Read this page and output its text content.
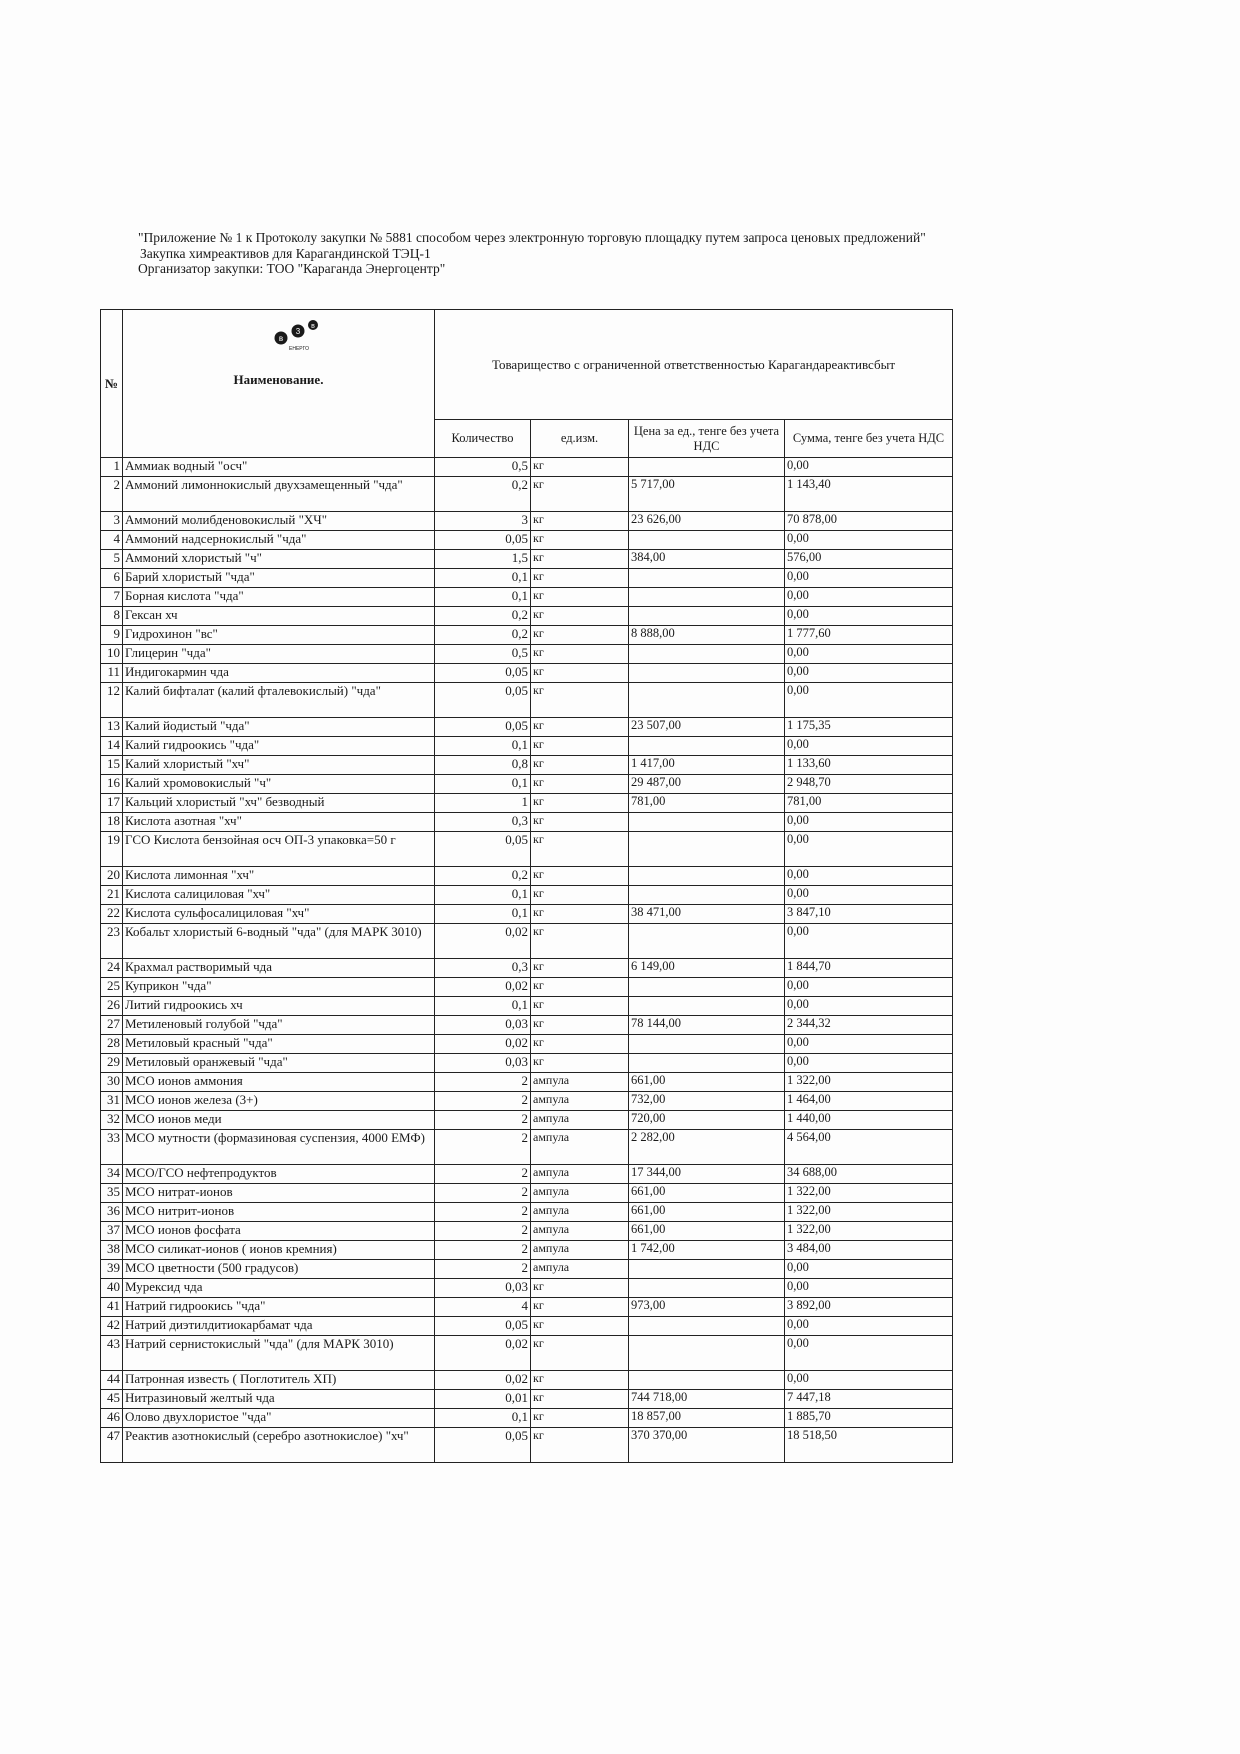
"Приложение № 1 к Протоколу закупки № 5881 способом через электронную торговую площадку путем запроса ценовых предложений"
Закупка химреактивов для Карагандинской ТЭЦ-1
Организатор закупки: ТОО "Караганда Энергоцентр"
№	в
3
в
ЕНЕРГО
Наименование.	Товарищество с ограниченной ответственностью Карагандареактивсбыт			
		Количество	ед.изм.	Цена за ед., тенге без учета НДС	Сумма, тенге без учета НДС
1	Аммиак водный "осч"	0,5	кг		0,00
2	Аммоний лимоннокислый двухзамещенный "чда"	0,2	кг	5 717,00	1 143,40
3	Аммоний молибденовокислый "ХЧ"	3	кг	23 626,00	70 878,00
4	Аммоний надсернокислый "чда"	0,05	кг		0,00
5	Аммоний хлористый "ч"	1,5	кг	384,00	576,00
6	Барий хлористый "чда"	0,1	кг		0,00
7	Борная кислота "чда"	0,1	кг		0,00
8	Гексан хч	0,2	кг		0,00
9	Гидрохинон "вс"	0,2	кг	8 888,00	1 777,60
10	Глицерин "чда"	0,5	кг		0,00
11	Индигокармин чда	0,05	кг		0,00
12	Калий бифталат (калий фталевокислый) "чда"	0,05	кг		0,00
13	Калий йодистый "чда"	0,05	кг	23 507,00	1 175,35
14	Калий гидроокись "чда"	0,1	кг		0,00
15	Калий хлористый "хч"	0,8	кг	1 417,00	1 133,60
16	Калий хромовокислый "ч"	0,1	кг	29 487,00	2 948,70
17	Кальций хлористый "хч" безводный	1	кг	781,00	781,00
18	Кислота азотная "хч"	0,3	кг		0,00
19	ГСО Кислота бензойная осч ОП-3 упаковка=50 г	0,05	кг		0,00
20	Кислота лимонная "хч"	0,2	кг		0,00
21	Кислота салициловая "хч"	0,1	кг		0,00
22	Кислота сульфосалициловая "хч"	0,1	кг	38 471,00	3 847,10
23	Кобальт хлористый 6-водный "чда" (для МАРК 3010)	0,02	кг		0,00
24	Крахмал растворимый чда	0,3	кг	6 149,00	1 844,70
25	Куприкон "чда"	0,02	кг		0,00
26	Литий гидроокись хч	0,1	кг		0,00
27	Метиленовый голубой "чда"	0,03	кг	78 144,00	2 344,32
28	Метиловый красный "чда"	0,02	кг		0,00
29	Метиловый оранжевый "чда"	0,03	кг		0,00
30	МСО ионов аммония	2	ампула	661,00	1 322,00
31	МСО ионов железа (3+)	2	ампула	732,00	1 464,00
32	МСО ионов меди	2	ампула	720,00	1 440,00
33	МСО мутности (формазиновая суспензия, 4000 ЕМФ)	2	ампула	2 282,00	4 564,00
34	МСО/ГСО нефтепродуктов	2	ампула	17 344,00	34 688,00
35	МСО нитрат-ионов	2	ампула	661,00	1 322,00
36	МСО нитрит-ионов	2	ампула	661,00	1 322,00
37	МСО ионов фосфата	2	ампула	661,00	1 322,00
38	МСО силикат-ионов ( ионов кремния)	2	ампула	1 742,00	3 484,00
39	МСО цветности (500 градусов)	2	ампула		0,00
40	Мурексид чда	0,03	кг		0,00
41	Натрий гидроокись "чда"	4	кг	973,00	3 892,00
42	Натрий диэтилдитиокарбамат чда	0,05	кг		0,00
43	Натрий сернистокислый "чда" (для МАРК 3010)	0,02	кг		0,00
44	Патронная известь ( Поглотитель ХП)	0,02	кг		0,00
45	Нитразиновый желтый чда	0,01	кг	744 718,00	7 447,18
46	Олово двухлористое "чда"	0,1	кг	18 857,00	1 885,70
47	Реактив азотнокислый (серебро азотнокислое) "хч"	0,05	кг	370 370,00	18 518,50
